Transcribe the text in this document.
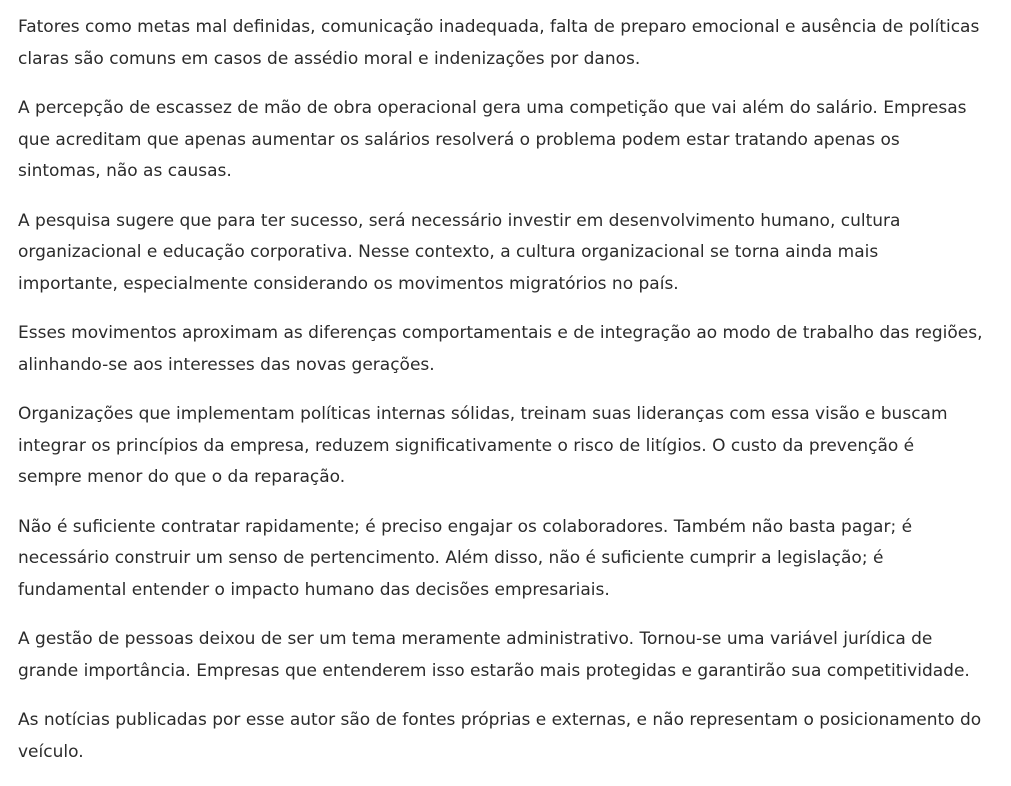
Fatores como metas mal definidas, comunicação inadequada, falta de preparo emocional e ausência de políticas claras são comuns em casos de assédio moral e indenizações por danos.

A percepção de escassez de mão de obra operacional gera uma competição que vai além do salário. Empresas que acreditam que apenas aumentar os salários resolverá o problema podem estar tratando apenas os sintomas, não as causas.

A pesquisa sugere que para ter sucesso, será necessário investir em desenvolvimento humano, cultura organizacional e educação corporativa. Nesse contexto, a cultura organizacional se torna ainda mais importante, especialmente considerando os movimentos migratórios no país.

Esses movimentos aproximam as diferenças comportamentais e de integração ao modo de trabalho das regiões, alinhando-se aos interesses das novas gerações.

Organizações que implementam políticas internas sólidas, treinam suas lideranças com essa visão e buscam integrar os princípios da empresa, reduzem significativamente o risco de litígios. O custo da prevenção é sempre menor do que o da reparação.

Não é suficiente contratar rapidamente; é preciso engajar os colaboradores. Também não basta pagar; é necessário construir um senso de pertencimento. Além disso, não é suficiente cumprir a legislação; é fundamental entender o impacto humano das decisões empresariais.

A gestão de pessoas deixou de ser um tema meramente administrativo. Tornou-se uma variável jurídica de grande importância. Empresas que entenderem isso estarão mais protegidas e garantirão sua competitividade.

As notícias publicadas por esse autor são de fontes próprias e externas, e não representam o posicionamento do veículo.
